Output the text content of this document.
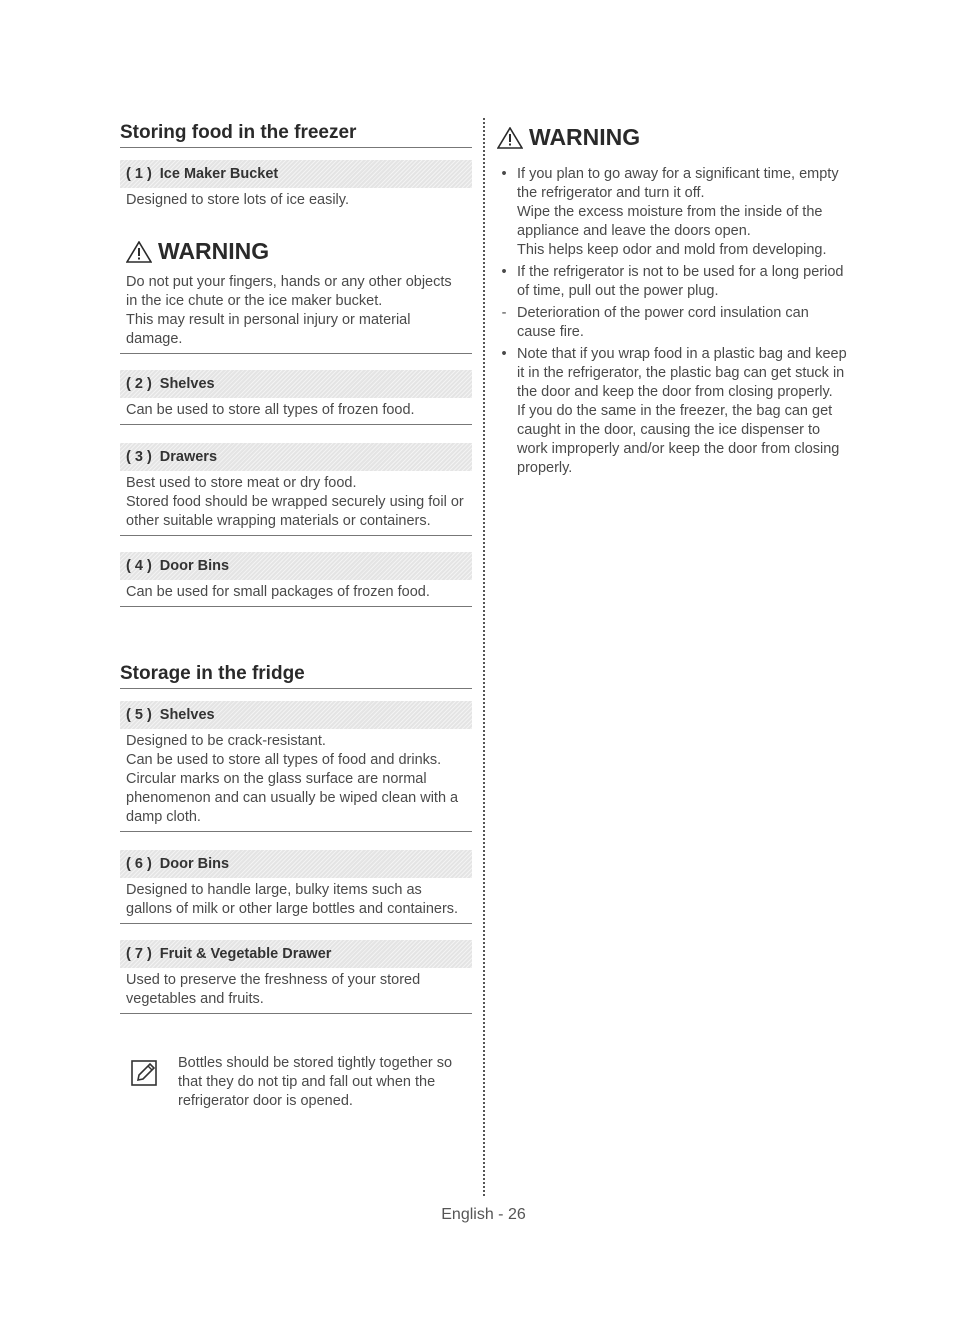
Storing food in the freezer
( 1 ) Ice Maker Bucket
Designed to store lots of ice easily.
WARNING
Do not put your fingers, hands or any other objects in the ice chute or the ice maker bucket.
This may result in personal injury or material damage.
( 2 ) Shelves
Can be used to store all types of frozen food.
( 3 ) Drawers
Best used to store meat or dry food.
Stored food should be wrapped securely using foil or other suitable wrapping materials or containers.
( 4 ) Door Bins
Can be used for small packages of frozen food.
Storage in the fridge
( 5 ) Shelves
Designed to be crack-resistant.
Can be used to store all types of food and drinks.
Circular marks on the glass surface are normal phenomenon and can usually be wiped clean with a damp cloth.
( 6 ) Door Bins
Designed to handle large, bulky items such as gallons of milk or other large bottles and containers.
( 7 ) Fruit & Vegetable Drawer
Used to preserve the freshness of your stored vegetables and fruits.
Bottles should be stored tightly together so that they do not tip and fall out when the refrigerator door is opened.
WARNING
• If you plan to go away for a significant time, empty the refrigerator and turn it off.
Wipe the excess moisture from the inside of the appliance and leave the doors open.
This helps keep odor and mold from developing.
• If the refrigerator is not to be used for a long period of time, pull out the power plug.
- Deterioration of the power cord insulation can cause fire.
• Note that if you wrap food in a plastic bag and keep it in the refrigerator, the plastic bag can get stuck in the door and keep the door from closing properly.
If you do the same in the freezer, the bag can get caught in the door, causing the ice dispenser to work improperly and/or keep the door from closing properly.
English - 26
